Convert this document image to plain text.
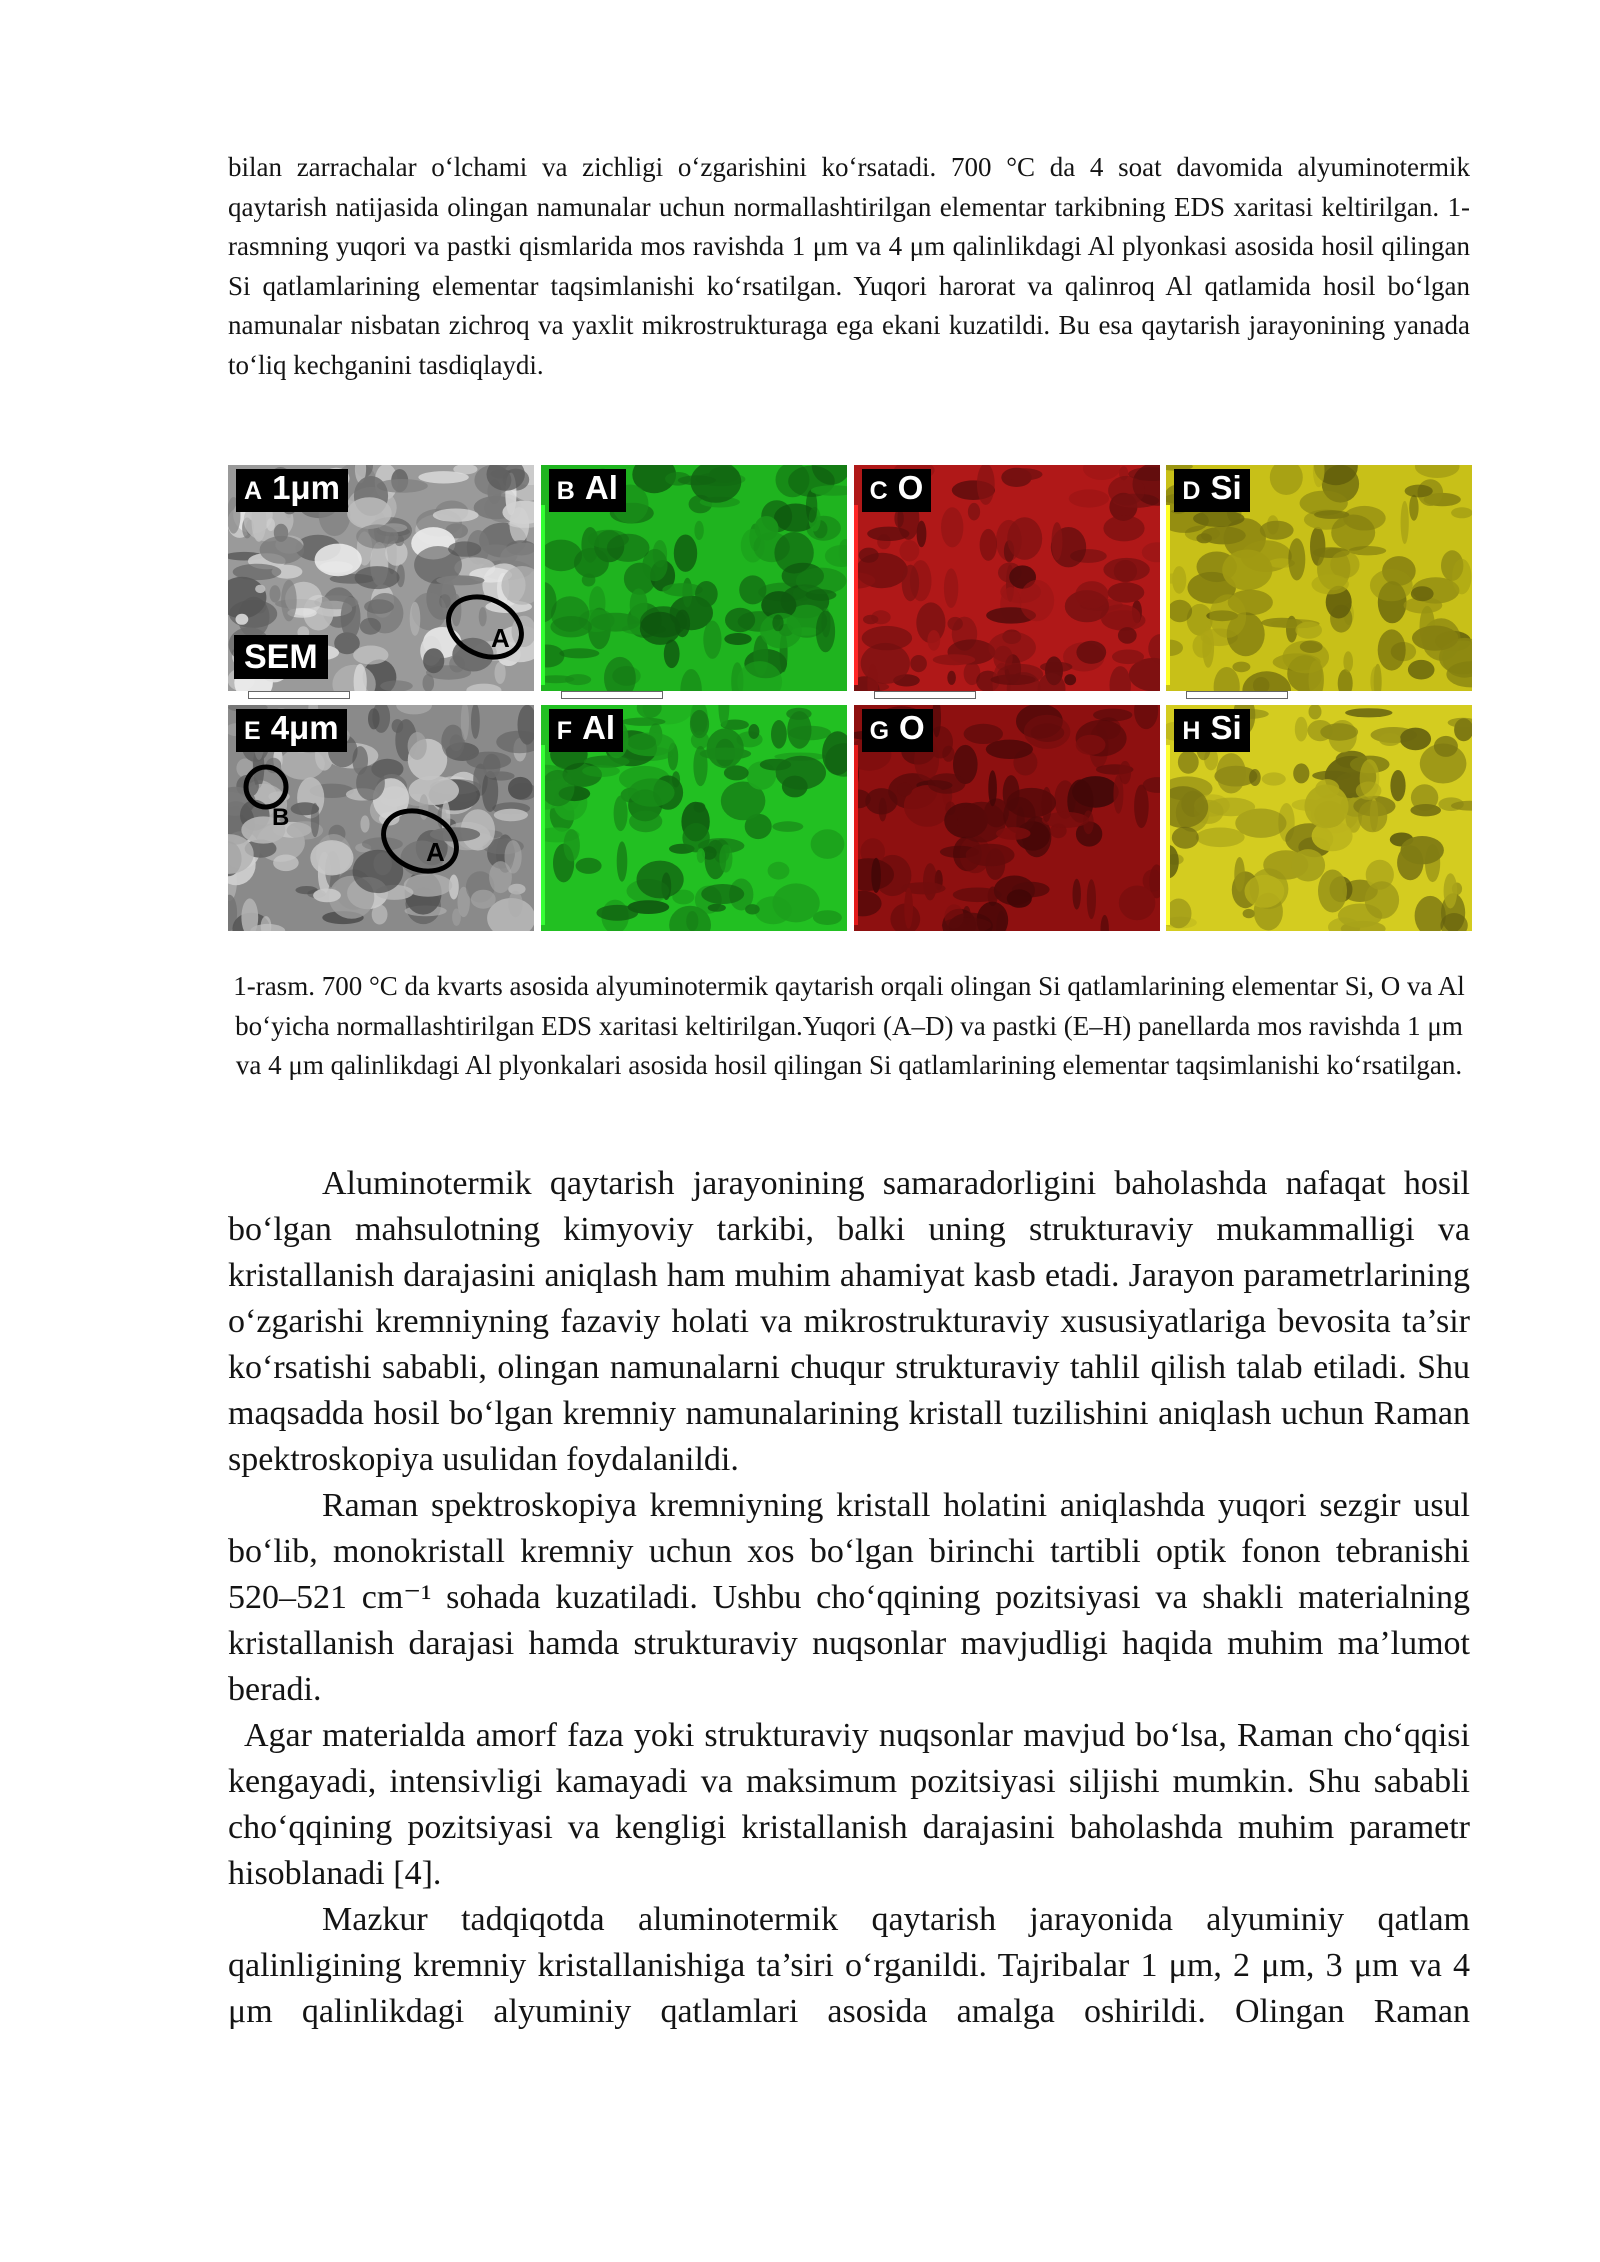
bilan zarrachalar o‘lchami va zichligi o‘zgarishini ko‘rsatadi. 700 °C da 4 soat davomida alyuminotermik qaytarish natijasida olingan namunalar uchun normallashtirilgan elementar tarkibning EDS xaritasi keltirilgan. 1-rasmning yuqori va pastki qismlarida mos ravishda 1 μm va 4 μm qalinlikdagi Al plyonkasi asosida hosil qilingan Si qatlamlarining elementar taqsimlanishi ko‘rsatilgan. Yuqori harorat va qalinroq Al qatlamida hosil bo‘lgan namunalar nisbatan zichroq va yaxlit mikrostrukturaga ega ekani kuzatildi. Bu esa qaytarish jarayonining yanada to‘liq kechganini tasdiqlaydi.

A
A 1μm
SEM
B Al	C O	D Si
A
B
E 4μm	F Al	G O	H Si

1-rasm. 700 °C da kvarts asosida alyuminotermik qaytarish orqali olingan Si qatlamlarining elementar Si, O va Al bo‘yicha normallashtirilgan EDS xaritasi keltirilgan.Yuqori (A–D) va pastki (E–H) panellarda mos ravishda 1 μm va 4 μm qalinlikdagi Al plyonkalari asosida hosil qilingan Si qatlamlarining elementar taqsimlanishi ko‘rsatilgan.

Aluminotermik qaytarish jarayonining samaradorligini baholashda nafaqat hosil bo‘lgan mahsulotning kimyoviy tarkibi, balki uning strukturaviy mukammalligi va kristallanish darajasini aniqlash ham muhim ahamiyat kasb etadi. Jarayon parametrlarining o‘zgarishi kremniyning fazaviy holati va mikrostrukturaviy xususiyatlariga bevosita ta’sir ko‘rsatishi sababli, olingan namunalarni chuqur strukturaviy tahlil qilish talab etiladi. Shu maqsadda hosil bo‘lgan kremniy namunalarining kristall tuzilishini aniqlash uchun Raman spektroskopiya usulidan foydalanildi.

Raman spektroskopiya kremniyning kristall holatini aniqlashda yuqori sezgir usul bo‘lib, monokristall kremniy uchun xos bo‘lgan birinchi tartibli optik fonon tebranishi 520–521 cm⁻¹ sohada kuzatiladi. Ushbu cho‘qqining pozitsiyasi va shakli materialning kristallanish darajasi hamda strukturaviy nuqsonlar mavjudligi haqida muhim ma’lumot beradi.

Agar materialda amorf faza yoki strukturaviy nuqsonlar mavjud bo‘lsa, Raman cho‘qqisi kengayadi, intensivligi kamayadi va maksimum pozitsiyasi siljishi mumkin. Shu sababli cho‘qqining pozitsiyasi va kengligi kristallanish darajasini baholashda muhim parametr hisoblanadi [4].

Mazkur tadqiqotda aluminotermik qaytarish jarayonida alyuminiy qatlam qalinligining kremniy kristallanishiga ta’siri o‘rganildi. Tajribalar 1 μm, 2 μm, 3 μm va 4 μm qalinlikdagi alyuminiy qatlamlari asosida amalga oshirildi. Olingan Raman
